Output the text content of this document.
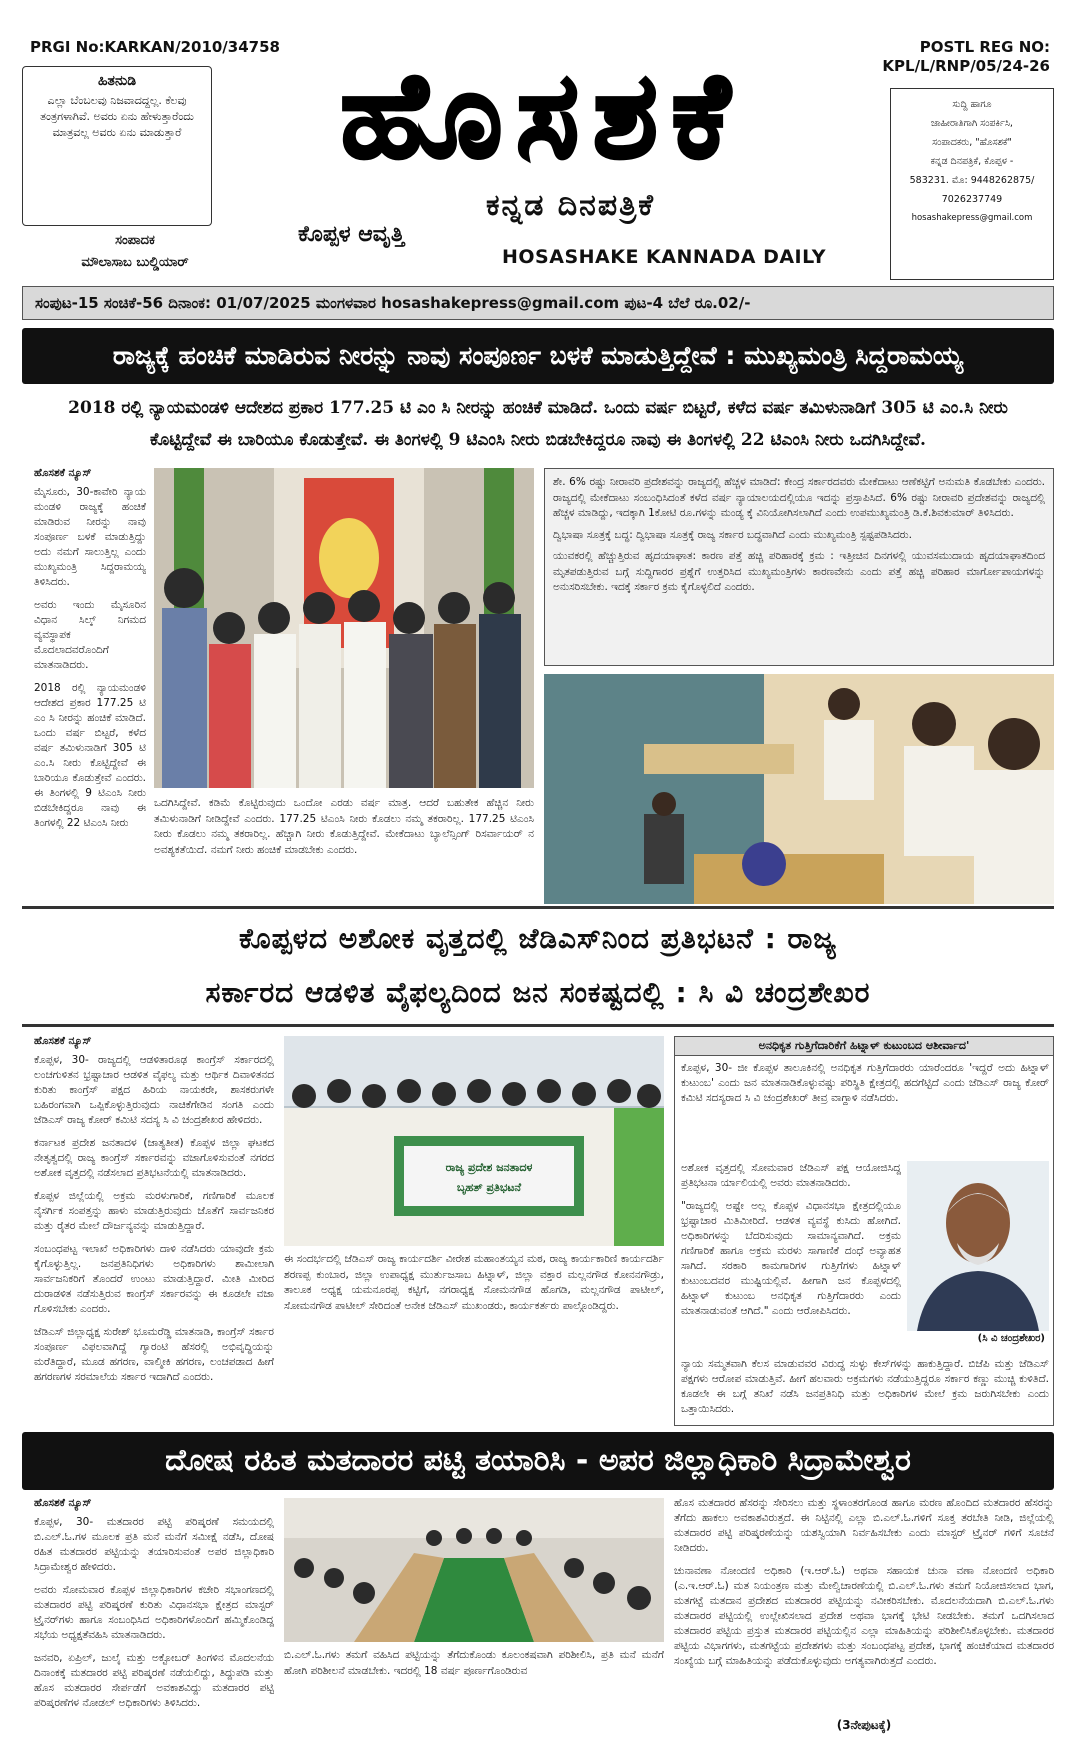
PRGI No:KARKAN/2010/34758	POSTL REG NO: KPL/L/RNP/05/24-26
ಹಿತನುಡಿ
ಎಲ್ಲಾ ಬೆಂಬಲವು ನಿಜವಾದದ್ದಲ್ಲ. ಕೆಲವು ತಂತ್ರಗಳಾಗಿವೆ. ಅವರು ಏನು ಹೇಳುತ್ತಾರೆಂದು ಮಾತ್ರವಲ್ಲ ಅವರು ಏನು ಮಾಡುತ್ತಾರೆ	ಹೊಸಶಕೆ
ಕನ್ನಡ ದಿನಪತ್ರಿಕೆ
HOSASHAKE KANNADA DAILY
ಕೊಪ್ಪಳ ಆವೃತ್ತಿ
ಸಂಪಾದಕ
ಮೌಲಾಸಾಬ ಬುಲ್ಡಿಯಾರ್
ಸುದ್ದಿ ಹಾಗೂ
ಜಾಹೀರಾತಿಗಾಗಿ ಸಂಪರ್ಕಿಸಿ,
ಸಂಪಾದಕರು, "ಹೊಸಶಕೆ"
ಕನ್ನಡ ದಿನಪತ್ರಿಕೆ, ಕೊಪ್ಪಳ -
583231. ಮೊ: 9448262875/
7026237749
hosashakepress@gmail.com
ಸಂಪುಟ-15 ಸಂಚಿಕೆ-56 ದಿನಾಂಕ: 01/07/2025 ಮಂಗಳವಾರ hosashakepress@gmail.com ಪುಟ-4 ಬೆಲೆ ರೂ.02/-
ರಾಜ್ಯಕ್ಕೆ ಹಂಚಿಕೆ ಮಾಡಿರುವ ನೀರನ್ನು ನಾವು ಸಂಪೂರ್ಣ ಬಳಕೆ ಮಾಡುತ್ತಿದ್ದೇವೆ : ಮುಖ್ಯಮಂತ್ರಿ ಸಿದ್ದರಾಮಯ್ಯ
2018 ರಲ್ಲಿ ನ್ಯಾಯಮಂಡಳಿ ಆದೇಶದ ಪ್ರಕಾರ 177.25 ಟಿ ಎಂ ಸಿ ನೀರನ್ನು ಹಂಚಿಕೆ ಮಾಡಿದೆ. ಒಂದು ವರ್ಷ ಬಿಟ್ಟರೆ, ಕಳೆದ ವರ್ಷ ತಮಿಳುನಾಡಿಗೆ 305 ಟಿ ಎಂ.ಸಿ ನೀರು
ಕೊಟ್ಟಿದ್ದೇವೆ ಈ ಬಾರಿಯೂ ಕೊಡುತ್ತೇವೆ. ಈ ತಿಂಗಳಲ್ಲಿ 9 ಟಿಎಂಸಿ ನೀರು ಬಿಡಬೇಕಿದ್ದರೂ ನಾವು ಈ ತಿಂಗಳಲ್ಲಿ 22 ಟಿಎಂಸಿ ನೀರು ಒದಗಿಸಿದ್ದೇವೆ.
ಹೊಸಶಕೆ ನ್ಯೂಸ್

ಮೈಸೂರು, 30-ಕಾವೇರಿ ನ್ಯಾಯ ಮಂಡಳಿ ರಾಜ್ಯಕ್ಕೆ ಹಂಚಿಕೆ ಮಾಡಿರುವ ನೀರನ್ನು ನಾವು ಸಂಪೂರ್ಣ ಬಳಕೆ ಮಾಡುತ್ತಿದ್ದು ಅದು ನಮಗೆ ಸಾಲುತ್ತಿಲ್ಲ ಎಂದು ಮುಖ್ಯಮಂತ್ರಿ ಸಿದ್ದರಾಮಯ್ಯ ತಿಳಿಸಿದರು.

ಅವರು ಇಂದು ಮೈಸೂರಿನ ವಿಧಾನ ಸಿಲ್ಕ್ ನಿಗಮದ ವ್ಯವಸ್ಥಾಪಕ ಮೊದಲಾದವರೊಂದಿಗೆ ಮಾತನಾಡಿದರು.

2018 ರಲ್ಲಿ ನ್ಯಾಯಮಂಡಳಿ ಆದೇಶದ ಪ್ರಕಾರ 177.25 ಟಿ ಎಂ ಸಿ ನೀರನ್ನು ಹಂಚಿಕೆ ಮಾಡಿದೆ. ಒಂದು ವರ್ಷ ಬಿಟ್ಟರೆ, ಕಳೆದ ವರ್ಷ ತಮಿಳುನಾಡಿಗೆ 305 ಟಿ ಎಂ.ಸಿ ನೀರು ಕೊಟ್ಟಿದ್ದೇವೆ ಈ ಬಾರಿಯೂ ಕೊಡುತ್ತೇವೆ ಎಂದರು. ಈ ತಿಂಗಳಲ್ಲಿ 9 ಟಿಎಂಸಿ ನೀರು ಬಿಡಬೇಕಿದ್ದರೂ ನಾವು ಈ ತಿಂಗಳಲ್ಲಿ 22 ಟಿಎಂಸಿ ನೀರು

ಒದಗಿಸಿದ್ದೇವೆ. ಕಡಿಮೆ ಕೊಟ್ಟಿರುವುದು ಒಂದೋ ಎರಡು ವರ್ಷ ಮಾತ್ರ. ಆದರೆ ಬಹುತೇಕ ಹೆಚ್ಚಿನ ನೀರು ತಮಿಳುನಾಡಿಗೆ ನೀಡಿದ್ದೇವೆ ಎಂದರು. 177.25 ಟಿಎಂಸಿ ನೀರು ಕೊಡಲು ನಮ್ಮ ತಕರಾರಿಲ್ಲ. 177.25 ಟಿಎಂಸಿ ನೀರು ಕೊಡಲು ನಮ್ಮ ತಕರಾರಿಲ್ಲ. ಹೆಚ್ಚಾಗಿ ನೀರು ಕೊಡುತ್ತಿದ್ದೇವೆ. ಮೇಕೆದಾಟು ಬ್ಯಾಲೆನ್ಸಿಂಗ್ ರಿಸರ್ವಾಯರ್ ನ ಅವಶ್ಯಕತೆಯಿದೆ. ನಮಗೆ ನೀರು ಹಂಚಿಕೆ ಮಾಡಬೇಕು ಎಂದರು.

ಶೇ. 6% ರಷ್ಟು ನೀರಾವರಿ ಪ್ರದೇಶವನ್ನು ರಾಜ್ಯದಲ್ಲಿ ಹೆಚ್ಚಳ ಮಾಡಿದೆ: ಕೇಂದ್ರ ಸರ್ಕಾರದವರು ಮೇಕೆದಾಟು ಆಣೆಕಟ್ಟಿಗೆ ಅನುಮತಿ ಕೊಡಬೇಕು ಎಂದರು. ರಾಜ್ಯದಲ್ಲಿ ಮೇಕೆದಾಟು ಸಂಬಂಧಿಸಿದಂತೆ ಕಳೆದ ವರ್ಷ ನ್ಯಾಯಾಲಯದಲ್ಲಿಯೂ ಇದನ್ನು ಪ್ರಸ್ತಾಪಿಸಿದೆ. 6% ರಷ್ಟು ನೀರಾವರಿ ಪ್ರದೇಶವನ್ನು ರಾಜ್ಯದಲ್ಲಿ ಹೆಚ್ಚಳ ಮಾಡಿದ್ದು, ಇದಕ್ಕಾಗಿ 1ಕೋಟಿ ರೂ.ಗಳನ್ನು ಮಂಡ್ಯ ಕ್ಕೆ ವಿನಿಯೋಗಿಸಲಾಗಿದೆ ಎಂದು ಉಪಮುಖ್ಯಮಂತ್ರಿ ಡಿ.ಕೆ.ಶಿವಕುಮಾರ್ ತಿಳಿಸಿದರು.

ದ್ವಿಭಾಷಾ ಸೂತ್ರಕ್ಕೆ ಬದ್ಧ: ದ್ವಿಭಾಷಾ ಸೂತ್ರಕ್ಕೆ ರಾಜ್ಯ ಸರ್ಕಾರ ಬದ್ಧವಾಗಿದೆ ಎಂದು ಮುಖ್ಯಮಂತ್ರಿ ಸ್ಪಷ್ಟಪಡಿಸಿದರು.

ಯುವಕರಲ್ಲಿ ಹೆಚ್ಚುತ್ತಿರುವ ಹೃದಯಾಘಾತ: ಕಾರಣ ಪತ್ತೆ ಹಚ್ಚಿ ಪರಿಹಾರಕ್ಕೆ ಕ್ರಮ : ಇತ್ತೀಚಿನ ದಿನಗಳಲ್ಲಿ ಯುವಸಮುದಾಯ ಹೃದಯಾಘಾತದಿಂದ ಮೃತಪಡುತ್ತಿರುವ ಬಗ್ಗೆ ಸುದ್ದಿಗಾರರ ಪ್ರಶ್ನೆಗೆ ಉತ್ತರಿಸಿದ ಮುಖ್ಯಮಂತ್ರಿಗಳು ಕಾರಣವೇನು ಎಂದು ಪತ್ತೆ ಹಚ್ಚಿ ಪರಿಹಾರ ಮಾರ್ಗೋಪಾಯಗಳನ್ನು ಅನುಸರಿಸಬೇಕು. ಇದಕ್ಕೆ ಸರ್ಕಾರ ಕ್ರಮ ಕೈಗೊಳ್ಳಲಿದೆ ಎಂದರು.

ಕೊಪ್ಪಳದ ಅಶೋಕ ವೃತ್ತದಲ್ಲಿ ಜೆಡಿಎಸ್‌ನಿಂದ ಪ್ರತಿಭಟನೆ : ರಾಜ್ಯ
ಸರ್ಕಾರದ ಆಡಳಿತ ವೈಫಲ್ಯದಿಂದ ಜನ ಸಂಕಷ್ಟದಲ್ಲಿ : ಸಿ ವಿ ಚಂದ್ರಶೇಖರ
ಹೊಸಶಕೆ ನ್ಯೂಸ್

ಕೊಪ್ಪಳ, 30- ರಾಜ್ಯದಲ್ಲಿ ಆಡಳಿತಾರೂಢ ಕಾಂಗ್ರೆಸ್ ಸರ್ಕಾರದಲ್ಲಿ ಲಂಚಗುಳಿತನ ಭ್ರಷ್ಟಾಚಾರ ಆಡಳಿತ ವೈಫಲ್ಯ ಮತ್ತು ಆರ್ಥಿಕ ದಿವಾಳಿತನದ ಕುರಿತು ಕಾಂಗ್ರೆಸ್ ಪಕ್ಷದ ಹಿರಿಯ ನಾಯಕರೇ, ಶಾಸಕರುಗಳೇ ಬಹಿರಂಗವಾಗಿ ಒಪ್ಪಿಕೊಳ್ಳುತ್ತಿರುವುದು ನಾಚಿಕೆಗೇಡಿನ ಸಂಗತಿ ಎಂದು ಜೆಡಿಎಸ್ ರಾಜ್ಯ ಕೋರ್ ಕಮಿಟಿ ಸದಸ್ಯ ಸಿ ವಿ ಚಂದ್ರಶೇಖರ ಹೇಳಿದರು.

ಕರ್ನಾಟಕ ಪ್ರದೇಶ ಜನತಾದಳ (ಜಾತ್ಯತೀತ) ಕೊಪ್ಪಳ ಜಿಲ್ಲಾ ಘಟಕದ ನೇತೃತ್ವದಲ್ಲಿ ರಾಜ್ಯ ಕಾಂಗ್ರೆಸ್ ಸರ್ಕಾರವನ್ನು ವಜಾಗೊಳಿಸುವಂತೆ ನಗರದ ಅಶೋಕ ವೃತ್ತದಲ್ಲಿ ನಡೆಸಲಾದ ಪ್ರತಿಭಟನೆಯಲ್ಲಿ ಮಾತನಾಡಿದರು.

ಕೊಪ್ಪಳ ಜಿಲ್ಲೆಯಲ್ಲಿ ಅಕ್ರಮ ಮರಳುಗಾರಿಕೆ, ಗಣಿಗಾರಿಕೆ ಮೂಲಕ ನೈಸರ್ಗಿಕ ಸಂಪತ್ತನ್ನು ಹಾಳು ಮಾಡುತ್ತಿರುವುದು ಜೊತೆಗೆ ಸಾರ್ವಜನಿಕರ ಮತ್ತು ರೈತರ ಮೇಲೆ ದೌರ್ಜನ್ಯವನ್ನು ಮಾಡುತ್ತಿದ್ದಾರೆ.

ಸಂಬಂಧಪಟ್ಟ ಇಲಾಖೆ ಅಧಿಕಾರಿಗಳು ದಾಳಿ ನಡೆಸಿದರು ಯಾವುದೇ ಕ್ರಮ ಕೈಗೊಳ್ಳುತ್ತಿಲ್ಲ. ಜನಪ್ರತಿನಿಧಿಗಳು ಅಧಿಕಾರಿಗಳು ಶಾಮೀಲಾಗಿ ಸಾರ್ವಜನಿಕರಿಗೆ ತೊಂದರೆ ಉಂಟು ಮಾಡುತ್ತಿದ್ದಾರೆ. ಮೀತಿ ಮೀರಿದ ದುರಾಡಳಿತ ನಡೆಸುತ್ತಿರುವ ಕಾಂಗ್ರೆಸ್ ಸರ್ಕಾರವನ್ನು ಈ ಕೂಡಲೇ ವಜಾ ಗೊಳಿಸಬೇಕು ಎಂದರು.

ಜೆಡಿಎಸ್ ಜಿಲ್ಲಾಧ್ಯಕ್ಷ ಸುರೇಶ್ ಭೂಮರೆಡ್ಡಿ ಮಾತನಾಡಿ, ಕಾಂಗ್ರೆಸ್ ಸರ್ಕಾರ ಸಂಪೂರ್ಣ ವಿಫಲವಾಗಿದ್ದೆ ಗ್ಯಾರಂಟಿ ಹೆಸರಲ್ಲಿ ಅಭಿವೃದ್ಧಿಯನ್ನು ಮರೆತಿದ್ದಾರೆ, ಮೂಡ ಹಗರಣ, ವಾಲ್ಮೀಕಿ ಹಗರಣ, ಲಂಚಪಡಾದ ಹೀಗೆ ಹಗರಣಗಳ ಸರಮಾಲೆಯ ಸರ್ಕಾರ ಇದಾಗಿದೆ ಎಂದರು.

ರಾಜ್ಯ ಪ್ರದೇಶ ಜನತಾದಳ
ಬೃಹತ್ ಪ್ರತಿಭಟನೆ
ಈ ಸಂದರ್ಭದಲ್ಲಿ ಜೆಡಿಎಸ್ ರಾಜ್ಯ ಕಾರ್ಯದರ್ಶಿ ವೀರೇಶ ಮಹಾಂತಯ್ಯನ ಮಠ, ರಾಜ್ಯ ಕಾರ್ಯಕಾರಿಣಿ ಕಾರ್ಯದರ್ಶಿ ಶರಣಪ್ಪ ಕುಂಬಾರ, ಜಿಲ್ಲಾ ಉಪಾಧ್ಯಕ್ಷ ಮುರ್ತುಜಸಾಬ ಹಿಟ್ನಾಳ್, ಜಿಲ್ಲಾ ವಕ್ತಾರ ಮಲ್ಲನಗೌಡ ಕೋನನಗೌಡ್ರು, ತಾಲೂಕ ಅಧ್ಯಕ್ಷ ಯಮನೂರಪ್ಪ ಕಟ್ಟಿಗೆ, ನಗರಾಧ್ಯಕ್ಷ ಸೋಮನಗೌಡ ಹೊಗಡಿ, ಮಲ್ಲನಗೌಡ ಪಾಟೀಲ್, ಸೋಮನಗೌಡ ಪಾಟೀಲ್ ಸೇರಿದಂತೆ ಅನೇಕ ಜೆಡಿಎಸ್ ಮುಖಂಡರು, ಕಾರ್ಯಕರ್ತರು ಪಾಲ್ಗೊಂಡಿದ್ದರು.
ಅನಧಿಕೃತ ಗುತ್ತಿಗೆದಾರಿಕೆಗೆ ಹಿಟ್ನಾಳ್ ಕುಟುಂಬದ ಆಶೀರ್ವಾದ'

ಕೊಪ್ಪಳ, 30- ಜೀ ಕೊಪ್ಪಳ ತಾಲೂಕಿನಲ್ಲಿ ಅನಧಿಕೃತ ಗುತ್ತಿಗೆದಾರರು ಯಾರೆಂದರೂ 'ಇದ್ದರೆ ಅದು ಹಿಟ್ನಾಳ್ ಕುಟುಂಬ' ಎಂದು ಜನ ಮಾತನಾಡಿಕೊಳ್ಳುವಷ್ಟು ಪರಿಸ್ಥಿತಿ ಕ್ಷೇತ್ರದಲ್ಲಿ ಹದಗೆಟ್ಟಿದೆ ಎಂದು ಜೆಡಿಎಸ್ ರಾಜ್ಯ ಕೋರ್ ಕಮಿಟಿ ಸದಸ್ಯರಾದ ಸಿ ವಿ ಚಂದ್ರಶೇಖರ್ ತೀವ್ರ ವಾಗ್ದಾಳಿ ನಡೆಸಿದರು.

ಅಶೋಕ ವೃತ್ತದಲ್ಲಿ ಸೋಮವಾರ ಜೆಡಿಎಸ್ ಪಕ್ಷ ಆಯೋಜಿಸಿದ್ದ ಪ್ರತಿಭಟನಾ ರ್ಯಾಲಿಯಲ್ಲಿ ಅವರು ಮಾತನಾಡಿದರು.

"ರಾಜ್ಯದಲ್ಲಿ ಅಷ್ಟೇ ಅಲ್ಲ ಕೊಪ್ಪಳ ವಿಧಾನಸಭಾ ಕ್ಷೇತ್ರದಲ್ಲಿಯೂ ಭ್ರಷ್ಟಾಚಾರ ಮಿತಿಮೀರಿದೆ. ಆಡಳಿತ ವ್ಯವಸ್ಥೆ ಕುಸಿದು ಹೋಗಿದೆ. ಅಧಿಕಾರಿಗಳನ್ನು ಬೆದರಿಸುವುದು ಸಾಮಾನ್ಯವಾಗಿದೆ. ಅಕ್ರಮ ಗಣಿಗಾರಿಕೆ ಹಾಗೂ ಅಕ್ರಮ ಮರಳು ಸಾಗಾಣಿಕೆ ದಂಧೆ ಅವ್ಯಾಹತ ಸಾಗಿದೆ. ಸರಕಾರಿ ಕಾಮಗಾರಿಗಳ ಗುತ್ತಿಗೆಗಳು ಹಿಟ್ನಾಳ್ ಕುಟುಂಬದವರ ಮುಷ್ಟಿಯಲ್ಲಿವೆ. ಹೀಗಾಗಿ ಜನ ಕೊಪ್ಪಳದಲ್ಲಿ ಹಿಟ್ನಾಳ್ ಕುಟುಂಬ ಅನಧಿಕೃತ ಗುತ್ತಿಗೆದಾರರು ಎಂದು ಮಾತನಾಡುವಂತೆ ಆಗಿದೆ." ಎಂದು ಆರೋಪಿಸಿದರು.

ನ್ಯಾಯ ಸಮ್ಮತವಾಗಿ ಕೆಲಸ ಮಾಡುವವರ ವಿರುದ್ಧ ಸುಳ್ಳು ಕೇಸ್‌ಗಳನ್ನು ಹಾಕುತ್ತಿದ್ದಾರೆ. ಬಿಜೆಪಿ ಮತ್ತು ಜೆಡಿಎಸ್ ಪಕ್ಷಗಳು ಆರೋಪ ಮಾಡುತ್ತಿವೆ. ಹೀಗೆ ಹಲವಾರು ಅಕ್ರಮಗಳು ನಡೆಯುತ್ತಿದ್ದರೂ ಸರ್ಕಾರ ಕಣ್ಣು ಮುಚ್ಚಿ ಕುಳಿತಿದೆ. ಕೂಡಲೇ ಈ ಬಗ್ಗೆ ತನಿಖೆ ನಡೆಸಿ ಜನಪ್ರತಿನಿಧಿ ಮತ್ತು ಅಧಿಕಾರಿಗಳ ಮೇಲೆ ಕ್ರಮ ಜರುಗಿಸಬೇಕು ಎಂದು ಒತ್ತಾಯಿಸಿದರು.

(ಸಿ ವಿ ಚಂದ್ರಶೇಖರ)
ದೋಷ ರಹಿತ ಮತದಾರರ ಪಟ್ಟಿ ತಯಾರಿಸಿ - ಅಪರ ಜಿಲ್ಲಾಧಿಕಾರಿ ಸಿದ್ರಾಮೇಶ್ವರ
ಹೊಸಶಕೆ ನ್ಯೂಸ್

ಕೊಪ್ಪಳ, 30- ಮತದಾರರ ಪಟ್ಟಿ ಪರಿಷ್ಕರಣೆ ಸಮಯದಲ್ಲಿ ಬಿ.ಎಲ್.ಓ.ಗಳ ಮೂಲಕ ಪ್ರತಿ ಮನೆ ಮನೆಗೆ ಸಮೀಕ್ಷೆ ನಡೆಸಿ, ದೋಷ ರಹಿತ ಮತದಾರರ ಪಟ್ಟಿಯನ್ನು ತಯಾರಿಸುವಂತೆ ಅಪರ ಜಿಲ್ಲಾಧಿಕಾರಿ ಸಿದ್ರಾಮೇಶ್ವರ ಹೇಳಿದರು.

ಅವರು ಸೋಮವಾರ ಕೊಪ್ಪಳ ಜಿಲ್ಲಾಧಿಕಾರಿಗಳ ಕಚೇರಿ ಸಭಾಂಗಣದಲ್ಲಿ ಮತದಾರರ ಪಟ್ಟಿ ಪರಿಷ್ಕರಣೆ ಕುರಿತು ವಿಧಾನಸಭಾ ಕ್ಷೇತ್ರದ ಮಾಸ್ಟರ್ ಟ್ರೈನರ್‌ಗಳು ಹಾಗೂ ಸಂಬಂಧಿಸಿದ ಅಧಿಕಾರಿಗಳೊಂದಿಗೆ ಹಮ್ಮಿಕೊಂಡಿದ್ದ ಸಭೆಯ ಅಧ್ಯಕ್ಷತೆವಹಿಸಿ ಮಾತನಾಡಿದರು.

ಜನವರಿ, ಏಪ್ರಿಲ್, ಜುಲೈ ಮತ್ತು ಅಕ್ಟೋಬರ್ ತಿಂಗಳಿನ ಮೊದಲನೆಯ ದಿನಾಂಕಕ್ಕೆ ಮತದಾರರ ಪಟ್ಟಿ ಪರಿಷ್ಕರಣೆ ನಡೆಯಲಿದ್ದು, ತಿದ್ದುಪಡಿ ಮತ್ತು ಹೊಸ ಮತದಾರರ ಸೇರ್ಪಡೆಗೆ ಅವಕಾಶವಿದ್ದು ಮತದಾರರ ಪಟ್ಟಿ ಪರಿಷ್ಕರಣೆಗಳ ನೋಡಲ್ ಅಧಿಕಾರಿಗಳು ತಿಳಿಸಿದರು.

ಬಿ.ಎಲ್.ಓ.ಗಳು ತಮಗೆ ವಹಿಸಿದ ಪಟ್ಟಿಯನ್ನು ತೆಗೆದುಕೊಂಡು ಕೂಲಂಕಷವಾಗಿ ಪರಿಶೀಲಿಸಿ, ಪ್ರತಿ ಮನೆ ಮನೆಗೆ ಹೋಗಿ ಪರಿಶೀಲನೆ ಮಾಡಬೇಕು. ಇದರಲ್ಲಿ 18 ವರ್ಷ ಪೂರ್ಣಗೊಂಡಿರುವ

ಹೊಸ ಮತದಾರರ ಹೆಸರನ್ನು ಸೇರಿಸಲು ಮತ್ತು ಸ್ಥಳಾಂತರಗೊಂಡ ಹಾಗೂ ಮರಣ ಹೊಂದಿದ ಮತದಾರರ ಹೆಸರನ್ನು ತೆಗೆದು ಹಾಕಲು ಅವಕಾಶವಿರುತ್ತದೆ. ಈ ನಿಟ್ಟಿನಲ್ಲಿ ಎಲ್ಲಾ ಬಿ.ಎಲ್.ಓ.ಗಳಿಗೆ ಸೂಕ್ತ ತರಬೇತಿ ನೀಡಿ, ಜಿಲ್ಲೆಯಲ್ಲಿ ಮತದಾರರ ಪಟ್ಟಿ ಪರಿಷ್ಕರಣೆಯನ್ನು ಯಶಸ್ವಿಯಾಗಿ ನಿರ್ವಹಿಸಬೇಕು ಎಂದು ಮಾಸ್ಟರ್ ಟ್ರೈನರ್ ಗಳಿಗೆ ಸೂಚನೆ ನೀಡಿದರು.

ಚುನಾವಣಾ ನೋಂದಣಿ ಅಧಿಕಾರಿ (ಇ.ಆರ್.ಓ) ಅಥವಾ ಸಹಾಯಕ ಚುನಾ ವಣಾ ನೋಂದಣಿ ಅಧಿಕಾರಿ (ಎ.ಇ.ಆರ್.ಓ) ಮತ ನಿಯಂತ್ರಣ ಮತ್ತು ಮೇಲ್ವಿಚಾರಣೆಯಲ್ಲಿ ಬಿ.ಎಲ್.ಓ.ಗಳು ತಮಗೆ ನಿಯೋಜಿಸಲಾದ ಭಾಗ, ಮತಗಟ್ಟೆ ಮತದಾನ ಪ್ರದೇಶದ ಮತದಾರರ ಪಟ್ಟಿಯನ್ನು ನವೀಕರಿಸಬೇಕು. ಮೊದಲನೆಯದಾಗಿ ಬಿ.ಎಲ್.ಓ.ಗಳು ಮತದಾರರ ಪಟ್ಟಿಯಲ್ಲಿ ಉಲ್ಲೇಖಿಸಲಾದ ಪ್ರದೇಶ ಅಥವಾ ಭಾಗಕ್ಕೆ ಭೇಟಿ ನೀಡಬೇಕು. ತಮಗೆ ಒದಗಿಸಲಾದ ಮತದಾರರ ಪಟ್ಟಿಯ ಪ್ರಸ್ತುತ ಮತದಾರರ ಪಟ್ಟಿಯಲ್ಲಿನ ಎಲ್ಲಾ ಮಾಹಿತಿಯನ್ನು ಪರಿಶೀಲಿಸಿಕೊಳ್ಳಬೇಕು. ಮತದಾರರ ಪಟ್ಟಿಯ ವಿಭಾಗಗಳು, ಮತಗಟ್ಟೆಯ ಪ್ರದೇಶಗಳು ಮತ್ತು ಸಂಬಂಧಪಟ್ಟ ಪ್ರದೇಶ, ಭಾಗಕ್ಕೆ ಹಂಚಿಕೆಯಾದ ಮತದಾರರ ಸಂಖ್ಯೆಯ ಬಗ್ಗೆ ಮಾಹಿತಿಯನ್ನು ಪಡೆದುಕೊಳ್ಳುವುದು ಅಗತ್ಯವಾಗಿರುತ್ತದೆ ಎಂದರು.

(3ನೇಪುಟಕ್ಕೆ)
